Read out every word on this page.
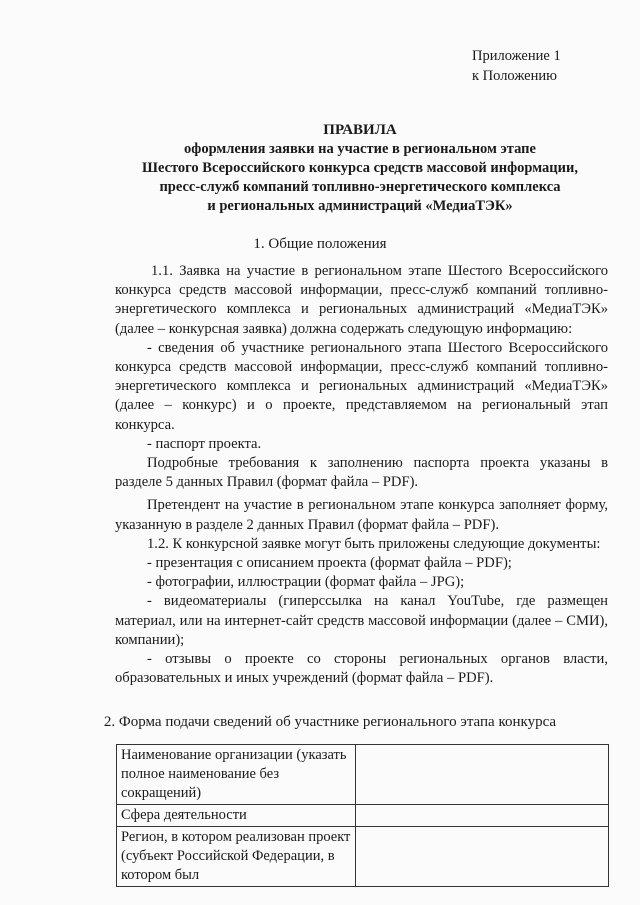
Приложение 1
к Положению
ПРАВИЛА
оформления заявки на участие в региональном этапе
Шестого Всероссийского конкурса средств массовой информации,
пресс-служб компаний топливно-энергетического комплекса
и региональных администраций «МедиаТЭК»
1. Общие положения

1.1. Заявка на участие в региональном этапе Шестого Всероссийского конкурса средств массовой информации, пресс-служб компаний топливно-энергетического комплекса и региональных администраций «МедиаТЭК» (далее – конкурсная заявка) должна содержать следующую информацию:

- сведения об участнике регионального этапа Шестого Всероссийского конкурса средств массовой информации, пресс-служб компаний топливно-энергетического комплекса и региональных администраций «МедиаТЭК» (далее – конкурс) и о проекте, представляемом на региональный этап конкурса.

- паспорт проекта.

Подробные требования к заполнению паспорта проекта указаны в разделе 5 данных Правил (формат файла – PDF).

Претендент на участие в региональном этапе конкурса заполняет форму, указанную в разделе 2 данных Правил (формат файла – PDF).

1.2. К конкурсной заявке могут быть приложены следующие документы:

- презентация с описанием проекта (формат файла – PDF);

- фотографии, иллюстрации (формат файла – JPG);

- видеоматериалы (гиперссылка на канал YouTube, где размещен материал, или на интернет-сайт средств массовой информации (далее – СМИ), компании);

- отзывы о проекте со стороны региональных органов власти, образовательных и иных учреждений (формат файла – PDF).

2. Форма подачи сведений об участнике регионального этапа конкурса
Наименование организации (указать полное наименование без сокращений)	
Сфера деятельности	
Регион, в котором реализован проект (субъект Российской Федерации, в котором был	
